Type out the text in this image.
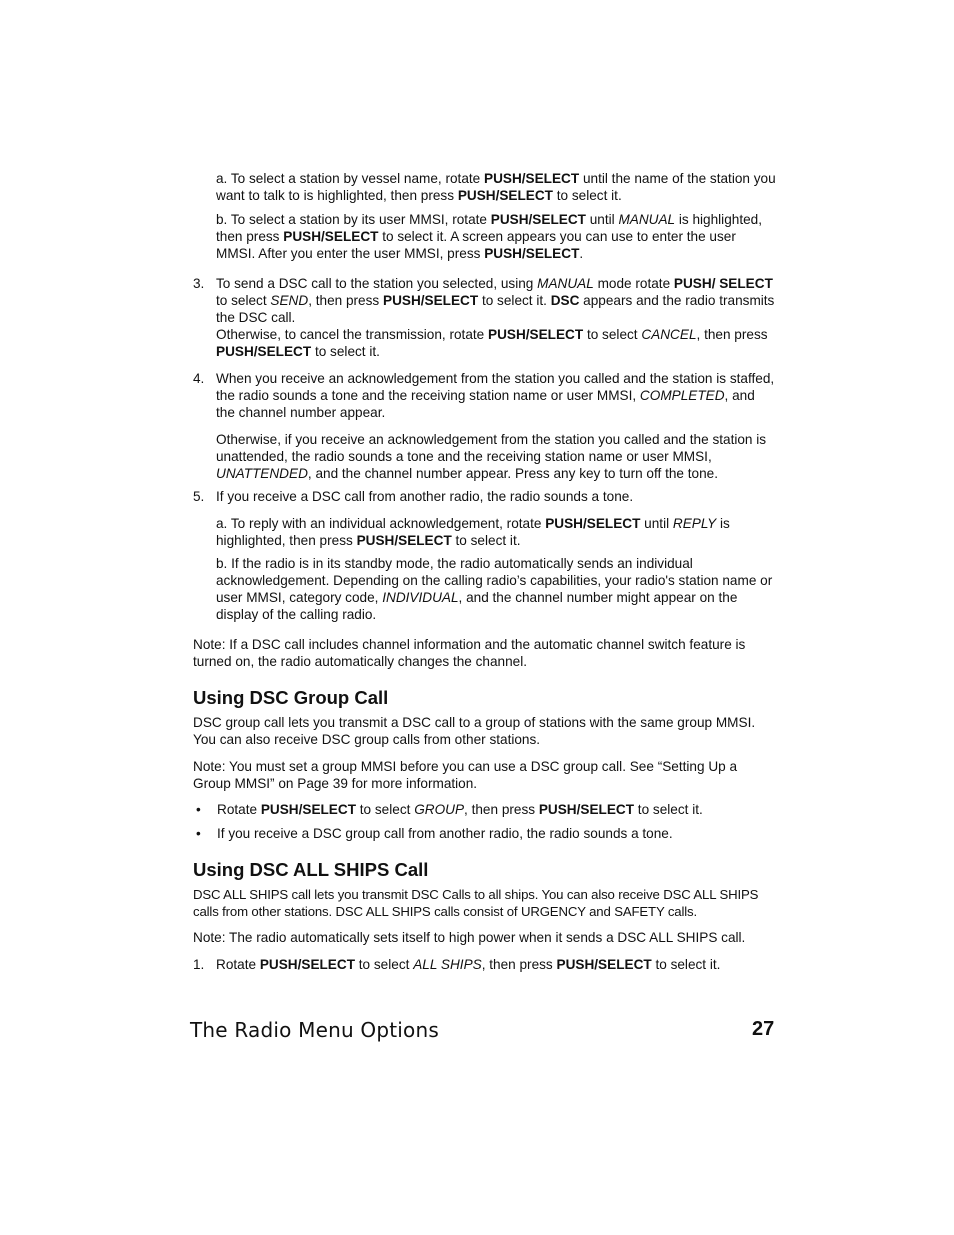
a. To select a station by vessel name, rotate PUSH/SELECT until the name of the station you want to talk to is highlighted, then press PUSH/SELECT to select it.

b. To select a station by its user MMSI, rotate PUSH/SELECT until MANUAL is highlighted, then press PUSH/SELECT to select it. A screen appears you can use to enter the user MMSI. After you enter the user MMSI, press PUSH/SELECT.

3. To send a DSC call to the station you selected, using MANUAL mode rotate PUSH/ SELECT to select SEND, then press PUSH/SELECT to select it. DSC appears and the radio transmits the DSC call.
Otherwise, to cancel the transmission, rotate PUSH/SELECT to select CANCEL, then press PUSH/SELECT to select it.

4. When you receive an acknowledgement from the station you called and the station is staffed, the radio sounds a tone and the receiving station name or user MMSI, COMPLETED, and the channel number appear.

Otherwise, if you receive an acknowledgement from the station you called and the station is unattended, the radio sounds a tone and the receiving station name or user MMSI, UNATTENDED, and the channel number appear. Press any key to turn off the tone.

5. If you receive a DSC call from another radio, the radio sounds a tone.

a. To reply with an individual acknowledgement, rotate PUSH/SELECT until REPLY is highlighted, then press PUSH/SELECT to select it.

b. If the radio is in its standby mode, the radio automatically sends an individual acknowledgement. Depending on the calling radio’s capabilities, your radio's station name or user MMSI, category code, INDIVIDUAL, and the channel number might appear on the display of the calling radio.

Note: If a DSC call includes channel information and the automatic channel switch feature is turned on, the radio automatically changes the channel.

Using DSC Group Call

DSC group call lets you transmit a DSC call to a group of stations with the same group MMSI. You can also receive DSC group calls from other stations.

Note: You must set a group MMSI before you can use a DSC group call. See “Setting Up a Group MMSI” on Page 39 for more information.

• Rotate PUSH/SELECT to select GROUP, then press PUSH/SELECT to select it.

• If you receive a DSC group call from another radio, the radio sounds a tone.

Using DSC ALL SHIPS Call

DSC ALL SHIPS call lets you transmit DSC Calls to all ships. You can also receive DSC ALL SHIPS calls from other stations. DSC ALL SHIPS calls consist of URGENCY and SAFETY calls.

Note: The radio automatically sets itself to high power when it sends a DSC ALL SHIPS call.

1. Rotate PUSH/SELECT to select ALL SHIPS, then press PUSH/SELECT to select it.

The Radio Menu Options	27
